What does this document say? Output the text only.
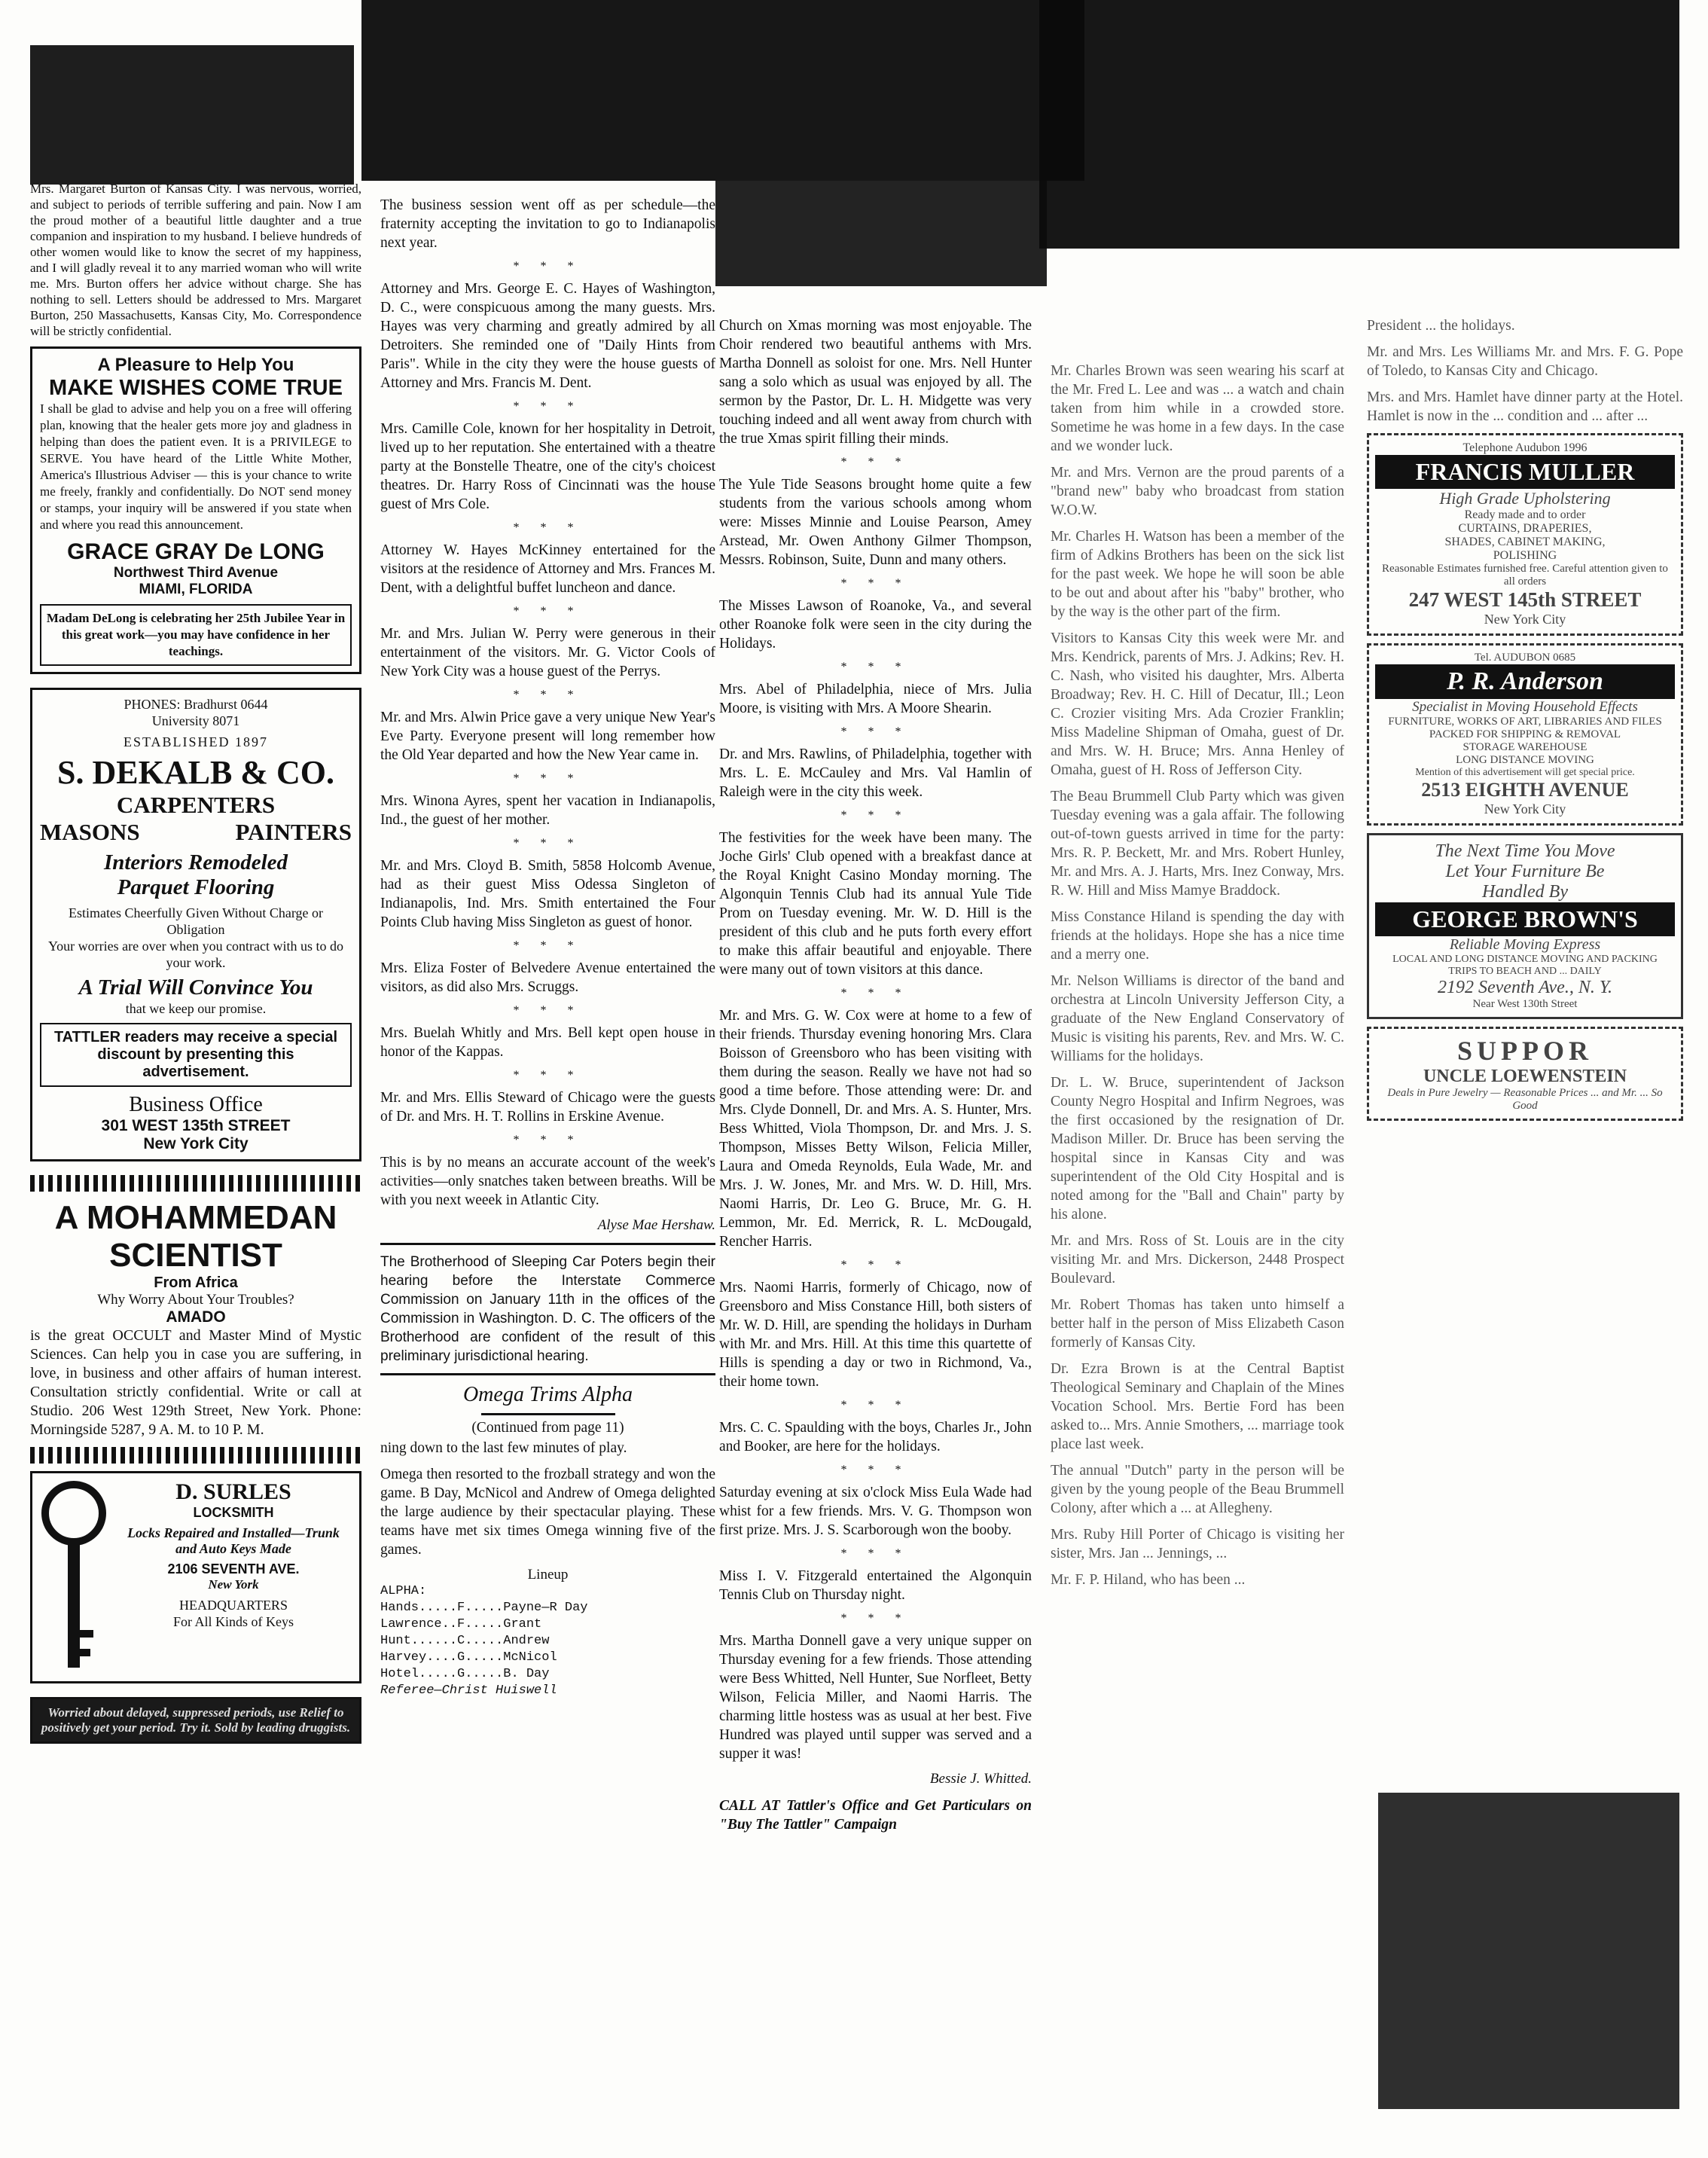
Mrs. Margaret Burton of Kansas City. I was nervous, worried, and subject to periods of terrible suffering and pain. Now I am the proud mother of a beautiful little daughter and a true companion and inspiration to my husband. I believe hundreds of other women would like to know the secret of my happiness, and I will gladly reveal it to any married woman who will write me. Mrs. Burton offers her advice without charge. She has nothing to sell. Letters should be addressed to Mrs. Margaret Burton, 250 Massachusetts, Kansas City, Mo. Correspondence will be strictly confidential.

A Pleasure to Help You
MAKE WISHES COME TRUE
I shall be glad to advise and help you on a free will offering plan, knowing that the healer gets more joy and gladness in helping than does the patient even. It is a PRIVILEGE to SERVE. You have heard of the Little White Mother, America's Illustrious Adviser — this is your chance to write me freely, frankly and confidentially. Do NOT send money or stamps, your inquiry will be answered if you state when and where you read this announcement.
GRACE GRAY De LONG
Northwest Third Avenue
MIAMI, FLORIDA
Madam DeLong is celebrating her 25th Jubilee Year in this great work—you may have confidence in her teachings.
PHONES: Bradhurst 0644
University 8071
ESTABLISHED 1897
S. DEKALB & CO.
CARPENTERS
MASONS	PAINTERS
Interiors Remodeled
Parquet Flooring
Estimates Cheerfully Given Without Charge or Obligation
Your worries are over when you contract with us to do your work.
A Trial Will Convince You
that we keep our promise.
TATTLER readers may receive a special discount by presenting this advertisement.
Business Office
301 WEST 135th STREET
New York City
A MOHAMMEDAN
SCIENTIST
From Africa
Why Worry About Your Troubles?
AMADO
is the great OCCULT and Master Mind of Mystic Sciences. Can help you in case you are suffering, in love, in business and other affairs of human interest. Consultation strictly confidential. Write or call at Studio. 206 West 129th Street, New York. Phone: Morningside 5287, 9 A. M. to 10 P. M.
D. SURLES
LOCKSMITH
Locks Repaired and Installed—Trunk and Auto Keys Made
2106 SEVENTH AVE.
New York
HEADQUARTERS
For All Kinds of Keys
Worried about delayed, suppressed periods, use Relief to positively get your period. Try it. Sold by leading druggists.

The business session went off as per schedule—the fraternity accepting the invitation to go to Indianapolis next year.

* * *

Attorney and Mrs. George E. C. Hayes of Washington, D. C., were conspicuous among the many guests. Mrs. Hayes was very charming and greatly admired by all Detroiters. She reminded one of "Daily Hints from Paris". While in the city they were the house guests of Attorney and Mrs. Francis M. Dent.

* * *

Mrs. Camille Cole, known for her hospitality in Detroit, lived up to her reputation. She entertained with a theatre party at the Bonstelle Theatre, one of the city's choicest theatres. Dr. Harry Ross of Cincinnati was the house guest of Mrs Cole.

* * *

Attorney W. Hayes McKinney entertained for the visitors at the residence of Attorney and Mrs. Frances M. Dent, with a delightful buffet luncheon and dance.

* * *

Mr. and Mrs. Julian W. Perry were generous in their entertainment of the visitors. Mr. G. Victor Cools of New York City was a house guest of the Perrys.

* * *

Mr. and Mrs. Alwin Price gave a very unique New Year's Eve Party. Everyone present will long remember how the Old Year departed and how the New Year came in.

* * *

Mrs. Winona Ayres, spent her vacation in Indianapolis, Ind., the guest of her mother.

* * *

Mr. and Mrs. Cloyd B. Smith, 5858 Holcomb Avenue, had as their guest Miss Odessa Singleton of Indianapolis, Ind. Mrs. Smith entertained the Four Points Club having Miss Singleton as guest of honor.

* * *

Mrs. Eliza Foster of Belvedere Avenue entertained the visitors, as did also Mrs. Scruggs.

* * *

Mrs. Buelah Whitly and Mrs. Bell kept open house in honor of the Kappas.

* * *

Mr. and Mrs. Ellis Steward of Chicago were the guests of Dr. and Mrs. H. T. Rollins in Erskine Avenue.

* * *

This is by no means an accurate account of the week's activities—only snatches taken between breaths. Will be with you next weeek in Atlantic City.

Alyse Mae Hershaw.

The Brotherhood of Sleeping Car Poters begin their hearing before the Interstate Commerce Commission on January 11th in the offices of the Commission in Washington. D. C. The officers of the Brotherhood are confident of the result of this preliminary jurisdictional hearing.

Omega Trims Alpha

(Continued from page 11)

ning down to the last few minutes of play.

Omega then resorted to the frozball strategy and won the game. B Day, McNicol and Andrew of Omega delighted the large audience by their spectacular playing. These teams have met six times Omega winning five of the games.

Lineup
ALPHA:
Hands.....F.....Payne—R Day
Lawrence..F.....Grant
Hunt......C.....Andrew
Harvey....G.....McNicol
Hotel.....G.....B. Day
Referee—Christ Huiswell

Church on Xmas morning was most enjoyable. The Choir rendered two beautiful anthems with Mrs. Martha Donnell as soloist for one. Mrs. Nell Hunter sang a solo which as usual was enjoyed by all. The sermon by the Pastor, Dr. L. H. Midgette was very touching indeed and all went away from church with the true Xmas spirit filling their minds.

* * *

The Yule Tide Seasons brought home quite a few students from the various schools among whom were: Misses Minnie and Louise Pearson, Amey Arstead, Mr. Owen Anthony Gilmer Thompson, Messrs. Robinson, Suite, Dunn and many others.

* * *

The Misses Lawson of Roanoke, Va., and several other Roanoke folk were seen in the city during the Holidays.

* * *

Mrs. Abel of Philadelphia, niece of Mrs. Julia Moore, is visiting with Mrs. A Moore Shearin.

* * *

Dr. and Mrs. Rawlins, of Philadelphia, together with Mrs. L. E. McCauley and Mrs. Val Hamlin of Raleigh were in the city this week.

* * *

The festivities for the week have been many. The Joche Girls' Club opened with a breakfast dance at the Royal Knight Casino Monday morning. The Algonquin Tennis Club had its annual Yule Tide Prom on Tuesday evening. Mr. W. D. Hill is the president of this club and he puts forth every effort to make this affair beautiful and enjoyable. There were many out of town visitors at this dance.

* * *

Mr. and Mrs. G. W. Cox were at home to a few of their friends. Thursday evening honoring Mrs. Clara Boisson of Greensboro who has been visiting with them during the season. Really we have not had so good a time before. Those attending were: Dr. and Mrs. Clyde Donnell, Dr. and Mrs. A. S. Hunter, Mrs. Bess Whitted, Viola Thompson, Dr. and Mrs. J. S. Thompson, Misses Betty Wilson, Felicia Miller, Laura and Omeda Reynolds, Eula Wade, Mr. and Mrs. J. W. Jones, Mr. and Mrs. W. D. Hill, Mrs. Naomi Harris, Dr. Leo G. Bruce, Mr. G. H. Lemmon, Mr. Ed. Merrick, R. L. McDougald, Rencher Harris.

* * *

Mrs. Naomi Harris, formerly of Chicago, now of Greensboro and Miss Constance Hill, both sisters of Mr. W. D. Hill, are spending the holidays in Durham with Mr. and Mrs. Hill. At this time this quartette of Hills is spending a day or two in Richmond, Va., their home town.

* * *

Mrs. C. C. Spaulding with the boys, Charles Jr., John and Booker, are here for the holidays.

* * *

Saturday evening at six o'clock Miss Eula Wade had whist for a few friends. Mrs. V. G. Thompson won first prize. Mrs. J. S. Scarborough won the booby.

* * *

Miss I. V. Fitzgerald entertained the Algonquin Tennis Club on Thursday night.

* * *

Mrs. Martha Donnell gave a very unique supper on Thursday evening for a few friends. Those attending were Bess Whitted, Nell Hunter, Sue Norfleet, Betty Wilson, Felicia Miller, and Naomi Harris. The charming little hostess was as usual at her best. Five Hundred was played until supper was served and a supper it was!

Bessie J. Whitted.

CALL AT Tattler's Office and Get Particulars on "Buy The Tattler" Campaign

Mr. Charles Brown was seen wearing his scarf at the Mr. Fred L. Lee and was ... a watch and chain taken from him while in a crowded store. Sometime he was home in a few days. In the case and we wonder luck.

Mr. and Mrs. Vernon are the proud parents of a "brand new" baby who broadcast from station W.O.W.

Mr. Charles H. Watson has been a member of the firm of Adkins Brothers has been on the sick list for the past week. We hope he will soon be able to be out and about after his "baby" brother, who by the way is the other part of the firm.

Visitors to Kansas City this week were Mr. and Mrs. Kendrick, parents of Mrs. J. Adkins; Rev. H. C. Nash, who visited his daughter, Mrs. Alberta Broadway; Rev. H. C. Hill of Decatur, Ill.; Leon C. Crozier visiting Mrs. Ada Crozier Franklin; Miss Madeline Shipman of Omaha, guest of Dr. and Mrs. W. H. Bruce; Mrs. Anna Henley of Omaha, guest of H. Ross of Jefferson City.

The Beau Brummell Club Party which was given Tuesday evening was a gala affair. The following out-of-town guests arrived in time for the party: Mrs. R. P. Beckett, Mr. and Mrs. Robert Hunley, Mr. and Mrs. A. J. Harts, Mrs. Inez Conway, Mrs. R. W. Hill and Miss Mamye Braddock.

Miss Constance Hiland is spending the day with friends at the holidays. Hope she has a nice time and a merry one.

Mr. Nelson Williams is director of the band and orchestra at Lincoln University Jefferson City, a graduate of the New England Conservatory of Music is visiting his parents, Rev. and Mrs. W. C. Williams for the holidays.

Dr. L. W. Bruce, superintendent of Jackson County Negro Hospital and Infirm Negroes, was the first occasioned by the resignation of Dr. Madison Miller. Dr. Bruce has been serving the hospital since in Kansas City and was superintendent of the Old City Hospital and is noted among for the "Ball and Chain" party by his alone.

Mr. and Mrs. Ross of St. Louis are in the city visiting Mr. and Mrs. Dickerson, 2448 Prospect Boulevard.

Mr. Robert Thomas has taken unto himself a better half in the person of Miss Elizabeth Cason formerly of Kansas City.

Dr. Ezra Brown is at the Central Baptist Theological Seminary and Chaplain of the Mines Vocation School. Mrs. Bertie Ford has been asked to... Mrs. Annie Smothers, ... marriage took place last week.

The annual "Dutch" party in the person will be given by the young people of the Beau Brummell Colony, after which a ... at Allegheny.

Mrs. Ruby Hill Porter of Chicago is visiting her sister, Mrs. Jan ... Jennings, ...

Mr. F. P. Hiland, who has been ...

President ... the holidays.

Mr. and Mrs. Les Williams Mr. and Mrs. F. G. Pope of Toledo, to Kansas City and Chicago.

Mrs. and Mrs. Hamlet have dinner party at the Hotel. Hamlet is now in the ... condition and ... after ...

Telephone Audubon 1996
FRANCIS MULLER
High Grade Upholstering
Ready made and to order
CURTAINS, DRAPERIES,
SHADES, CABINET MAKING,
POLISHING
Reasonable Estimates furnished free. Careful attention given to all orders
247 WEST 145th STREET
New York City
Tel. AUDUBON 0685
P. R. Anderson
Specialist in Moving Household Effects
FURNITURE, WORKS OF ART, LIBRARIES AND FILES
PACKED FOR SHIPPING & REMOVAL
STORAGE WAREHOUSE
LONG DISTANCE MOVING
Mention of this advertisement will get special price.
2513 EIGHTH AVENUE
New York City
The Next Time You Move
Let Your Furniture Be
Handled By
GEORGE BROWN'S
Reliable Moving Express
LOCAL AND LONG DISTANCE MOVING AND PACKING
TRIPS TO BEACH AND ... DAILY
2192 Seventh Ave., N. Y.
Near West 130th Street
SUPPOR
UNCLE LOEWENSTEIN
Deals in Pure Jewelry — Reasonable Prices ... and Mr. ... So Good
